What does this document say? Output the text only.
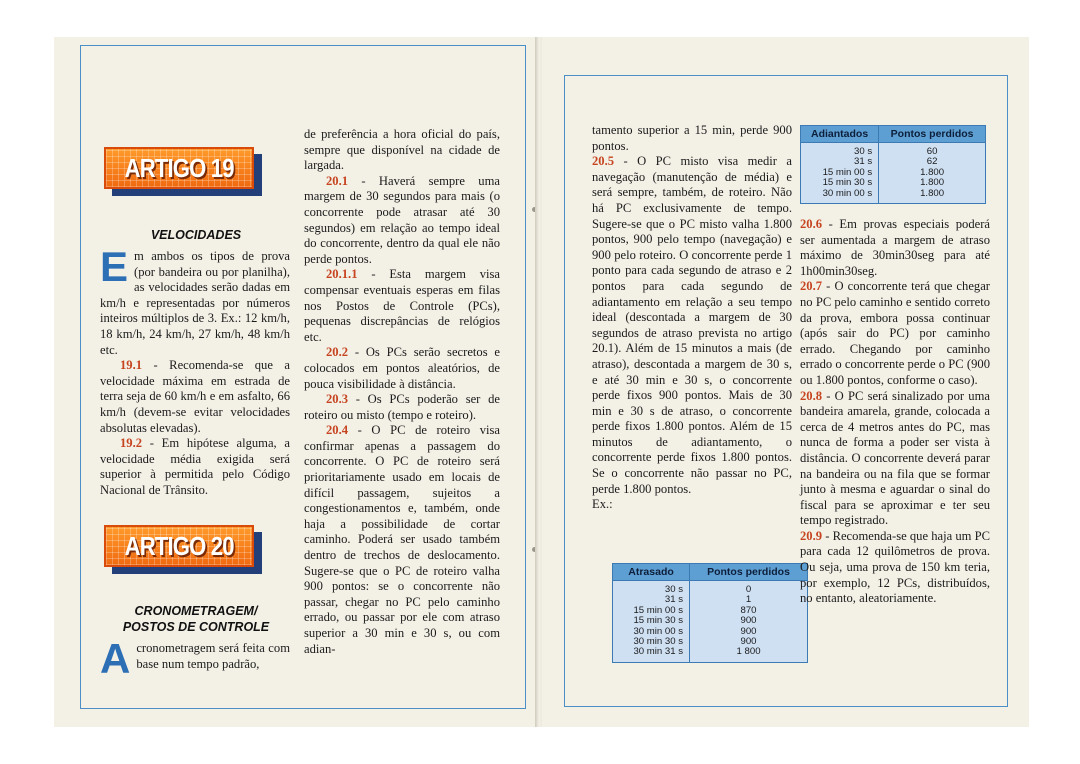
ARTIGO 19
VELOCIDADES

E m ambos os tipos de prova (por bandeira ou por planilha), as velocidades serão dadas em km/h e representadas por números inteiros múltiplos de 3. Ex.: 12 km/h, 18 km/h, 24 km/h, 27 km/h, 48 km/h etc.

19.1 - Recomenda-se que a velocidade máxima em estrada de terra seja de 60 km/h e em asfalto, 66 km/h (devem-se evitar velocidades absolutas elevadas).

19.2 - Em hipótese alguma, a velocidade média exigida será superior à permitida pelo Código Nacional de Trânsito.

ARTIGO 20
CRONOMETRAGEM/
POSTOS DE CONTROLE

A cronometragem será feita com base num tempo padrão,

de preferência a hora oficial do país, sempre que disponível na cidade de largada.

20.1 - Haverá sempre uma margem de 30 segundos para mais (o concorrente pode atrasar até 30 segundos) em relação ao tempo ideal do concorrente, dentro da qual ele não perde pontos.

20.1.1 - Esta margem visa compensar eventuais esperas em filas nos Postos de Controle (PCs), pequenas discrepâncias de relógios etc.

20.2 - Os PCs serão secretos e colocados em pontos aleatórios, de pouca visibilidade à distância.

20.3 - Os PCs poderão ser de roteiro ou misto (tempo e roteiro).

20.4 - O PC de roteiro visa confirmar apenas a passagem do concorrente. O PC de roteiro será prioritariamente usado em locais de difícil passagem, sujeitos a congestionamentos e, também, onde haja a possibilidade de cortar caminho. Poderá ser usado também dentro de trechos de deslocamento. Sugere-se que o PC de roteiro valha 900 pontos: se o concorrente não passar, chegar no PC pelo caminho errado, ou passar por ele com atraso superior a 30 min e 30 s, ou com adian-

tamento superior a 15 min, perde 900 pontos.

20.5 - O PC misto visa medir a navegação (manutenção de média) e será sempre, também, de roteiro. Não há PC exclusivamente de tempo. Sugere-se que o PC misto valha 1.800 pontos, 900 pelo tempo (navegação) e 900 pelo roteiro. O concorrente perde 1 ponto para cada segundo de atraso e 2 pontos para cada segundo de adiantamento em relação a seu tempo ideal (descontada a margem de 30 segundos de atraso prevista no artigo 20.1). Além de 15 minutos a mais (de atraso), descontada a margem de 30 s, e até 30 min e 30 s, o concorrente perde fixos 900 pontos. Mais de 30 min e 30 s de atraso, o concorrente perde fixos 1.800 pontos. Além de 15 minutos de adiantamento, o concorrente perde fixos 1.800 pontos. Se o concorrente não passar no PC, perde 1.800 pontos.

Ex.:

Atrasado	Pontos perdidos
30 s	0
31 s	1
15 min 00 s	870
15 min 30 s	900
30 min 00 s	900
30 min 30 s	900
30 min 31 s	1 800
Adiantados	Pontos perdidos
30 s	60
31 s	62
15 min 00 s	1.800
15 min 30 s	1.800
30 min 00 s	1.800

20.6 - Em provas especiais poderá ser aumentada a margem de atraso máximo de 30min30seg para até 1h00min30seg.

20.7 - O concorrente terá que chegar no PC pelo caminho e sentido correto da prova, embora possa continuar (após sair do PC) por caminho errado. Chegando por caminho errado o concorrente perde o PC (900 ou 1.800 pontos, conforme o caso).

20.8 - O PC será sinalizado por uma bandeira amarela, grande, colocada a cerca de 4 metros antes do PC, mas nunca de forma a poder ser vista à distância. O concorrente deverá parar na bandeira ou na fila que se formar junto à mesma e aguardar o sinal do fiscal para se aproximar e ter seu tempo registrado.

20.9 - Recomenda-se que haja um PC para cada 12 quilômetros de prova. Ou seja, uma prova de 150 km teria, por exemplo, 12 PCs, distribuídos, no entanto, aleatoriamente.
